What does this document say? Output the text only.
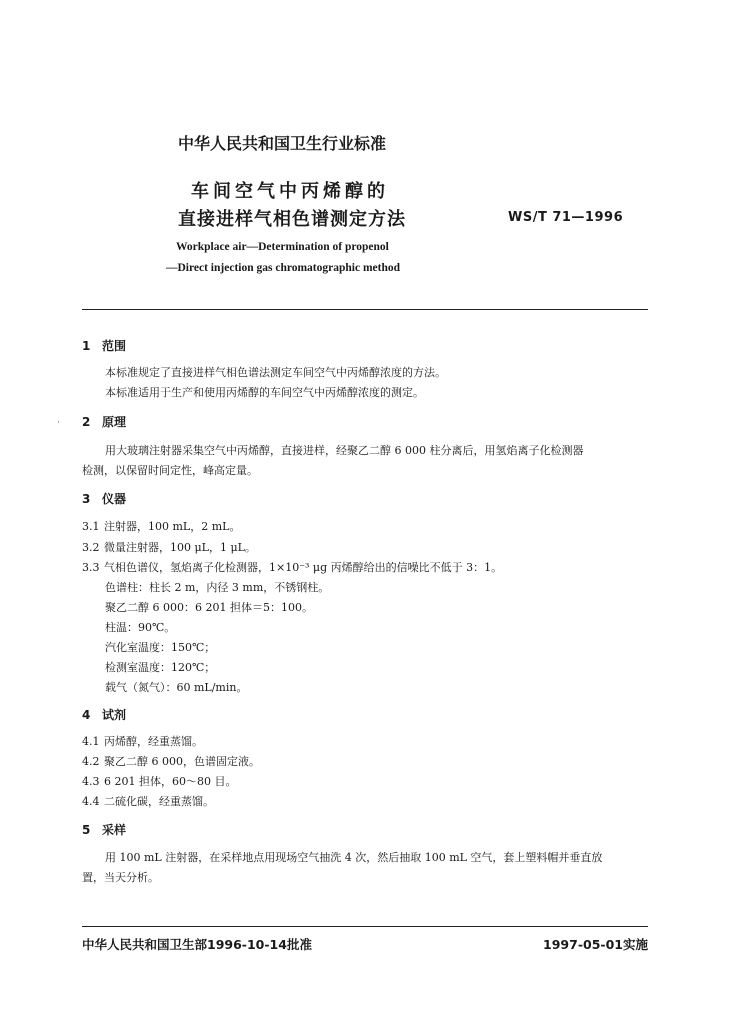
中华人民共和国卫生行业标准
车间空气中丙烯醇的
直接进样气相色谱测定方法	WS/T 71—1996
Workplace air—Determination of propenol
—Direct injection gas chromatographic method
·
1 范围
本标准规定了直接进样气相色谱法测定车间空气中丙烯醇浓度的方法。
本标准适用于生产和使用丙烯醇的车间空气中丙烯醇浓度的测定。
2 原理
用大玻璃注射器采集空气中丙烯醇，直接进样，经聚乙二醇 6 000 柱分离后，用氢焰离子化检测器
检测，以保留时间定性，峰高定量。
3 仪器
3.1 注射器，100 mL，2 mL。
3.2 微量注射器，100 μL，1 μL。
3.3 气相色谱仪，氢焰离子化检测器，1×10⁻³ μg 丙烯醇给出的信噪比不低于 3：1。
色谱柱：柱长 2 m，内径 3 mm，不锈钢柱。
聚乙二醇 6 000：6 201 担体＝5：100。
柱温：90℃。
汽化室温度：150℃；
检测室温度：120℃；
载气（氮气）：60 mL/min。
4 试剂
4.1 丙烯醇，经重蒸馏。
4.2 聚乙二醇 6 000，色谱固定液。
4.3 6 201 担体，60～80 目。
4.4 二硫化碳，经重蒸馏。
5 采样
用 100 mL 注射器，在采样地点用现场空气抽洗 4 次，然后抽取 100 mL 空气，套上塑料帽并垂直放
置，当天分析。
中华人民共和国卫生部1996-10-14批准	1997-05-01实施
